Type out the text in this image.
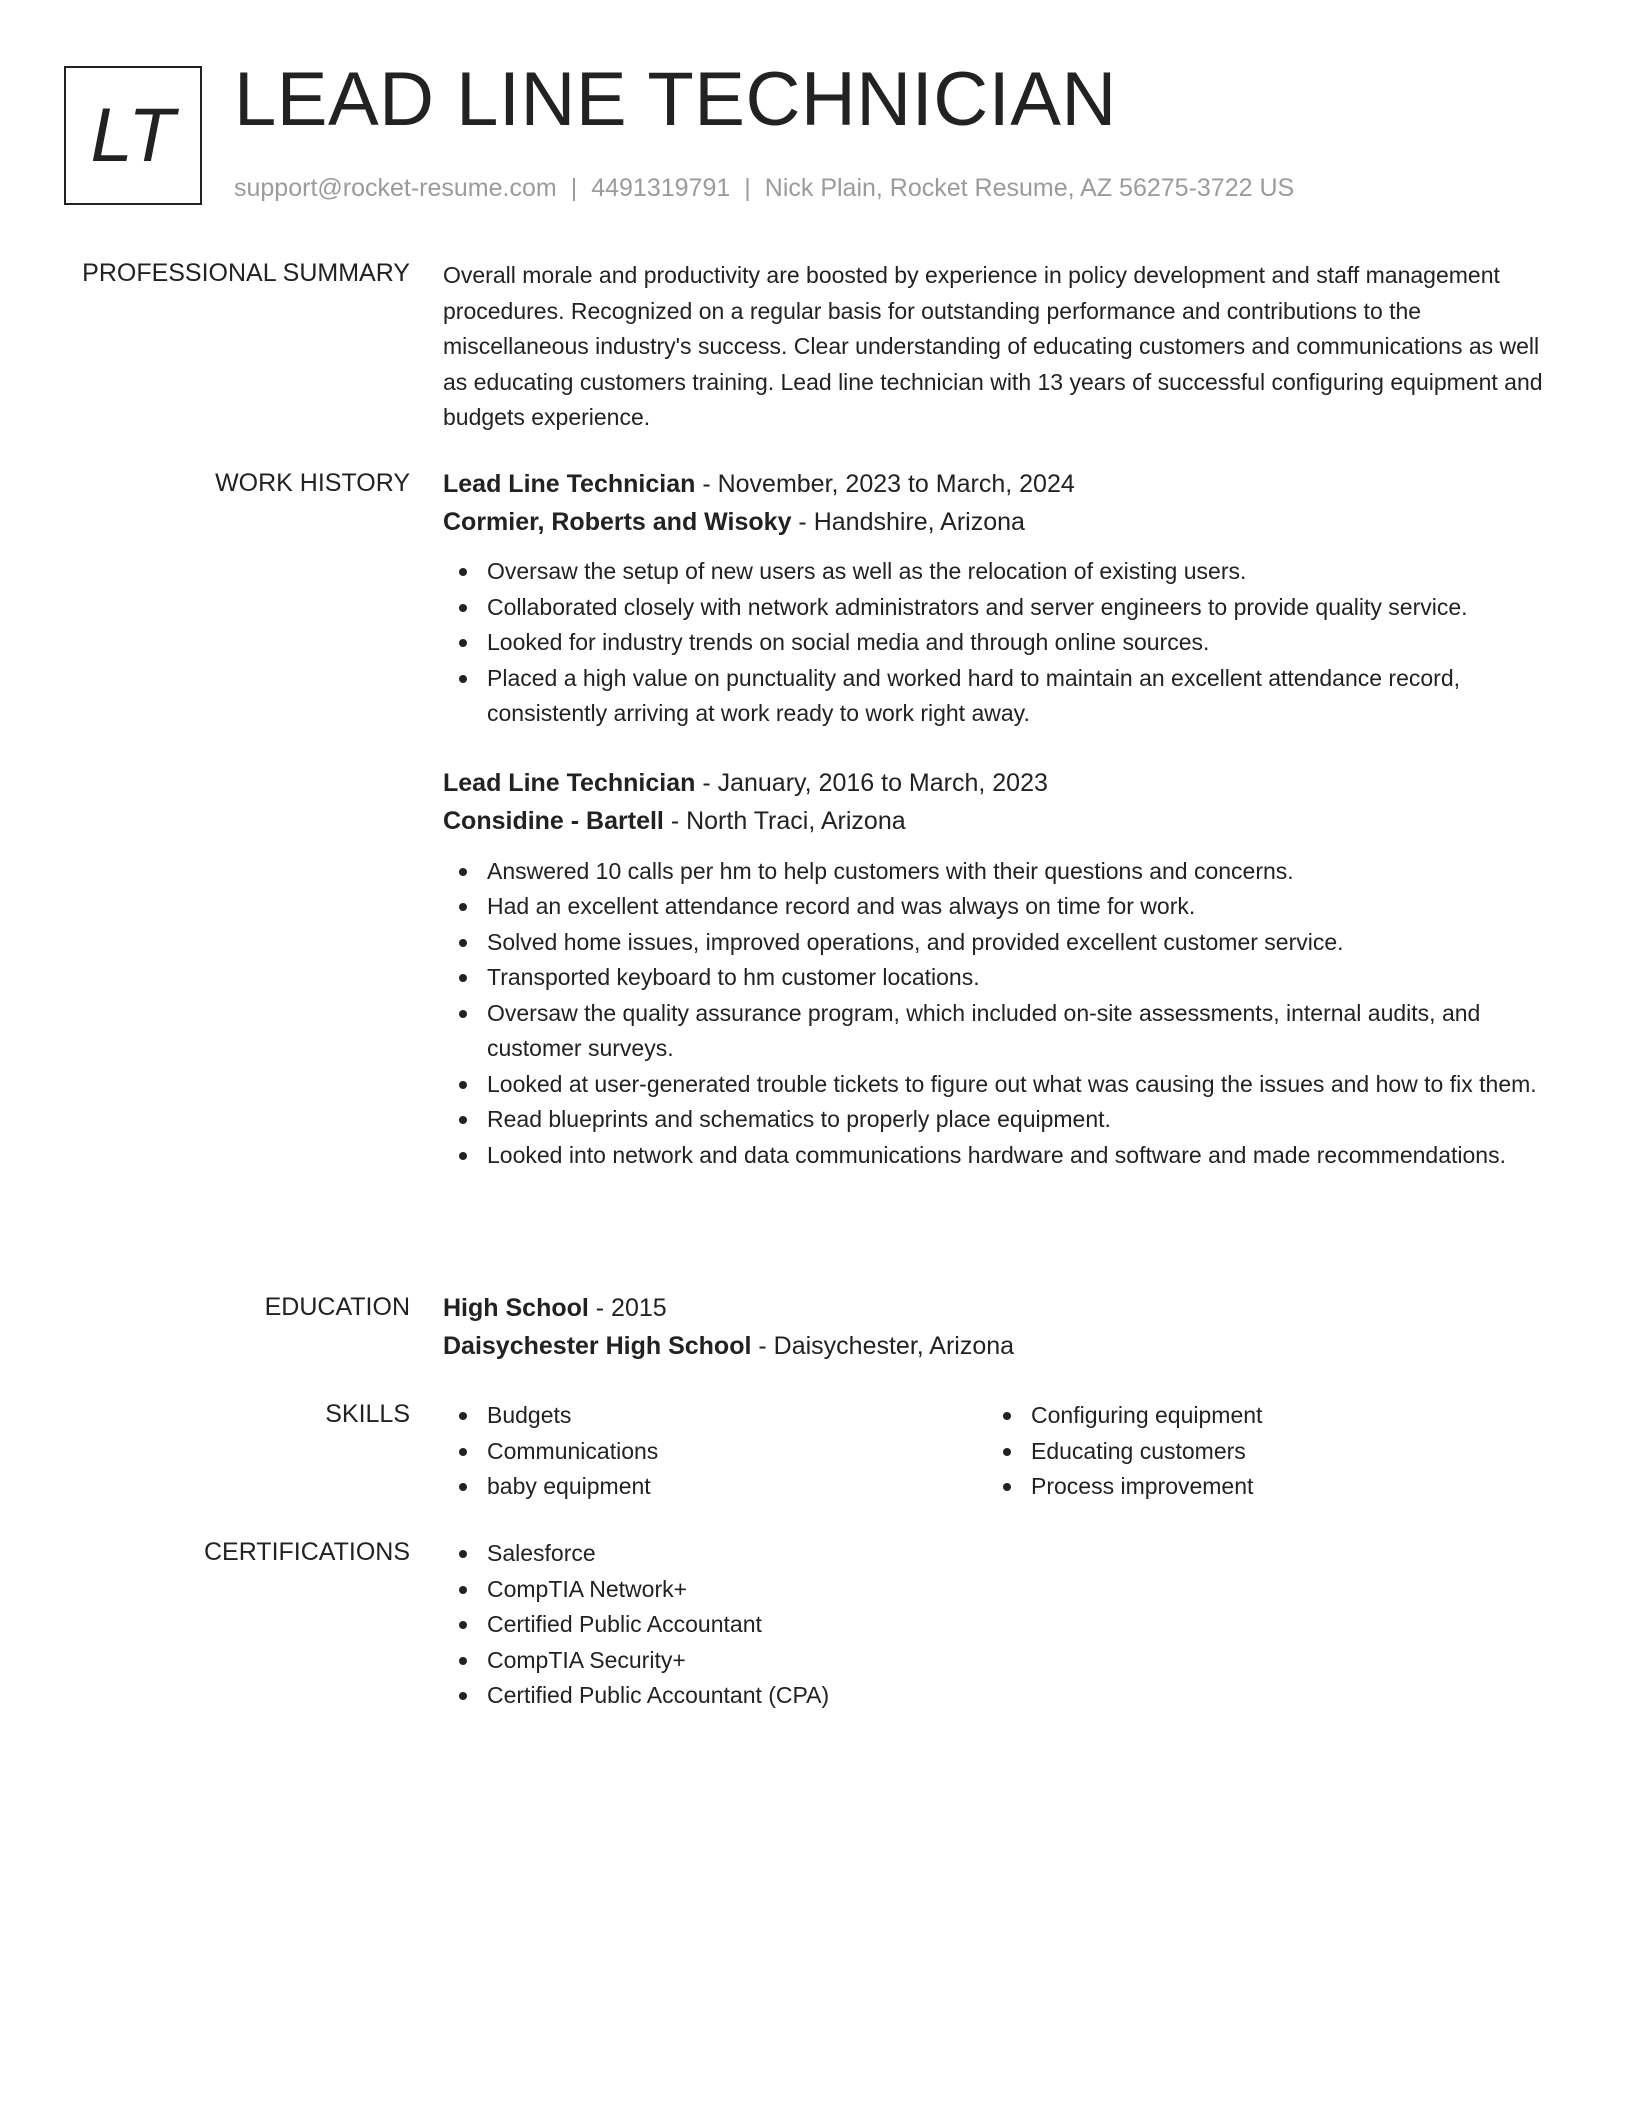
LT LEAD LINE TECHNICIAN
support@rocket-resume.com | 4491319791 | Nick Plain, Rocket Resume, AZ 56275-3722 US
PROFESSIONAL SUMMARY Overall morale and productivity are boosted by experience in policy development and staff management procedures. Recognized on a regular basis for outstanding performance and contributions to the miscellaneous industry's success. Clear understanding of educating customers and communications as well as educating customers training. Lead line technician with 13 years of successful configuring equipment and budgets experience.

WORK HISTORY Lead Line Technician - November, 2023 to March, 2024
Cormier, Roberts and Wisoky - Handshire, Arizona
Oversaw the setup of new users as well as the relocation of existing users.
Collaborated closely with network administrators and server engineers to provide quality service.
Looked for industry trends on social media and through online sources.
Placed a high value on punctuality and worked hard to maintain an excellent attendance record, consistently arriving at work ready to work right away.
Lead Line Technician - January, 2016 to March, 2023
Considine - Bartell - North Traci, Arizona
Answered 10 calls per hm to help customers with their questions and concerns.
Had an excellent attendance record and was always on time for work.
Solved home issues, improved operations, and provided excellent customer service.
Transported keyboard to hm customer locations.
Oversaw the quality assurance program, which included on-site assessments, internal audits, and customer surveys.
Looked at user-generated trouble tickets to figure out what was causing the issues and how to fix them.
Read blueprints and schematics to properly place equipment.
Looked into network and data communications hardware and software and made recommendations.
EDUCATION High School - 2015
Daisychester High School - Daisychester, Arizona
SKILLS	Budgets
Communications
baby equipment
Configuring equipment
Educating customers
Process improvement
CERTIFICATIONS	Salesforce
CompTIA Network+
Certified Public Accountant
CompTIA Security+
Certified Public Accountant (CPA)
